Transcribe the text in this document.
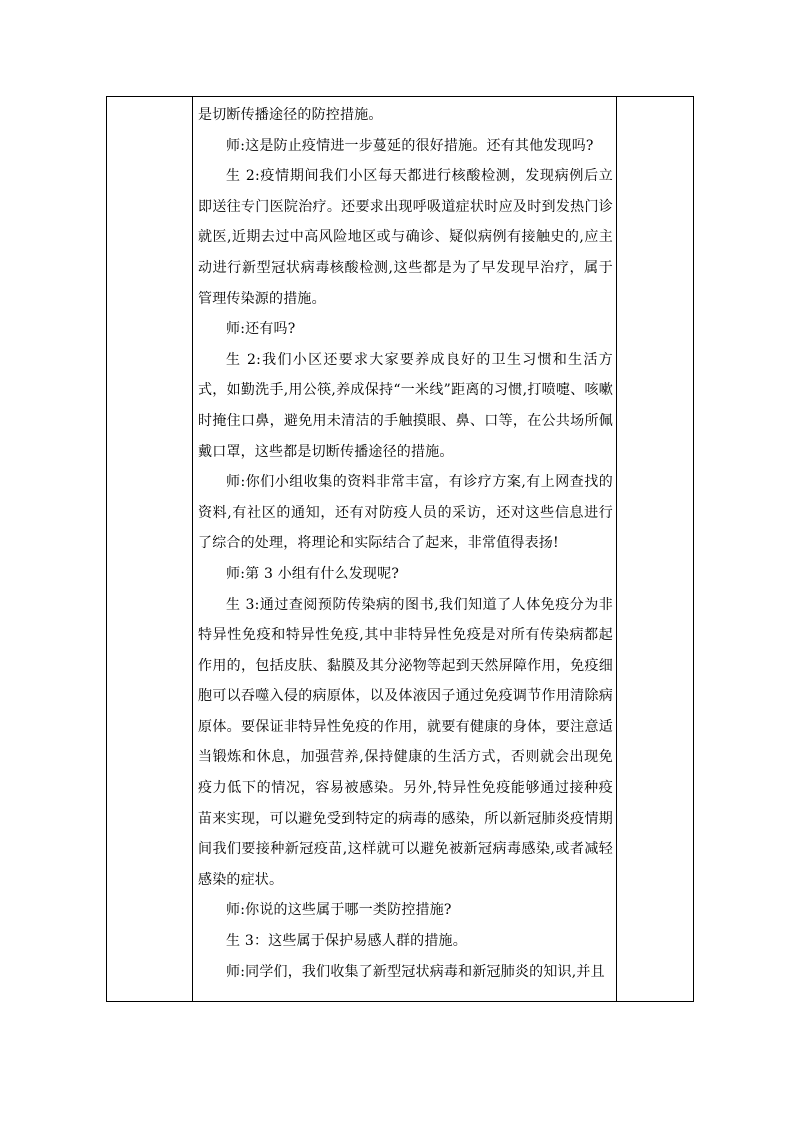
是切断传播途径的防控措施。

师:这是防止疫情进一步蔓延的很好措施。还有其他发现吗?

生 2:疫情期间我们小区每天都进行核酸检测，发现病例后立即送往专门医院治疗。还要求出现呼吸道症状时应及时到发热门诊就医,近期去过中高风险地区或与确诊、疑似病例有接触史的,应主动进行新型冠状病毒核酸检测,这些都是为了早发现早治疗，属于管理传染源的措施。

师:还有吗?

生 2:我们小区还要求大家要养成良好的卫生习惯和生活方式，如勤洗手,用公筷,养成保持“一米线”距离的习惯,打喷嚏、咳嗽时掩住口鼻，避免用未清洁的手触摸眼、鼻、口等，在公共场所佩戴口罩，这些都是切断传播途径的措施。

师:你们小组收集的资料非常丰富，有诊疗方案,有上网查找的资料,有社区的通知，还有对防疫人员的采访，还对这些信息进行了综合的处理，将理论和实际结合了起来，非常值得表扬!

师:第 3 小组有什么发现呢?

生 3:通过查阅预防传染病的图书,我们知道了人体免疫分为非特异性免疫和特异性免疫,其中非特异性免疫是对所有传染病都起作用的，包括皮肤、黏膜及其分泌物等起到天然屏障作用，免疫细胞可以吞噬入侵的病原体，以及体液因子通过免疫调节作用清除病原体。要保证非特异性免疫的作用，就要有健康的身体，要注意适当锻炼和休息，加强营养,保持健康的生活方式，否则就会出现免疫力低下的情况，容易被感染。另外,特异性免疫能够通过接种疫苗来实现，可以避免受到特定的病毒的感染，所以新冠肺炎疫情期间我们要接种新冠疫苗,这样就可以避免被新冠病毒感染,或者减轻感染的症状。

师:你说的这些属于哪一类防控措施?

生 3：这些属于保护易感人群的措施。

师:同学们，我们收集了新型冠状病毒和新冠肺炎的知识,并且
